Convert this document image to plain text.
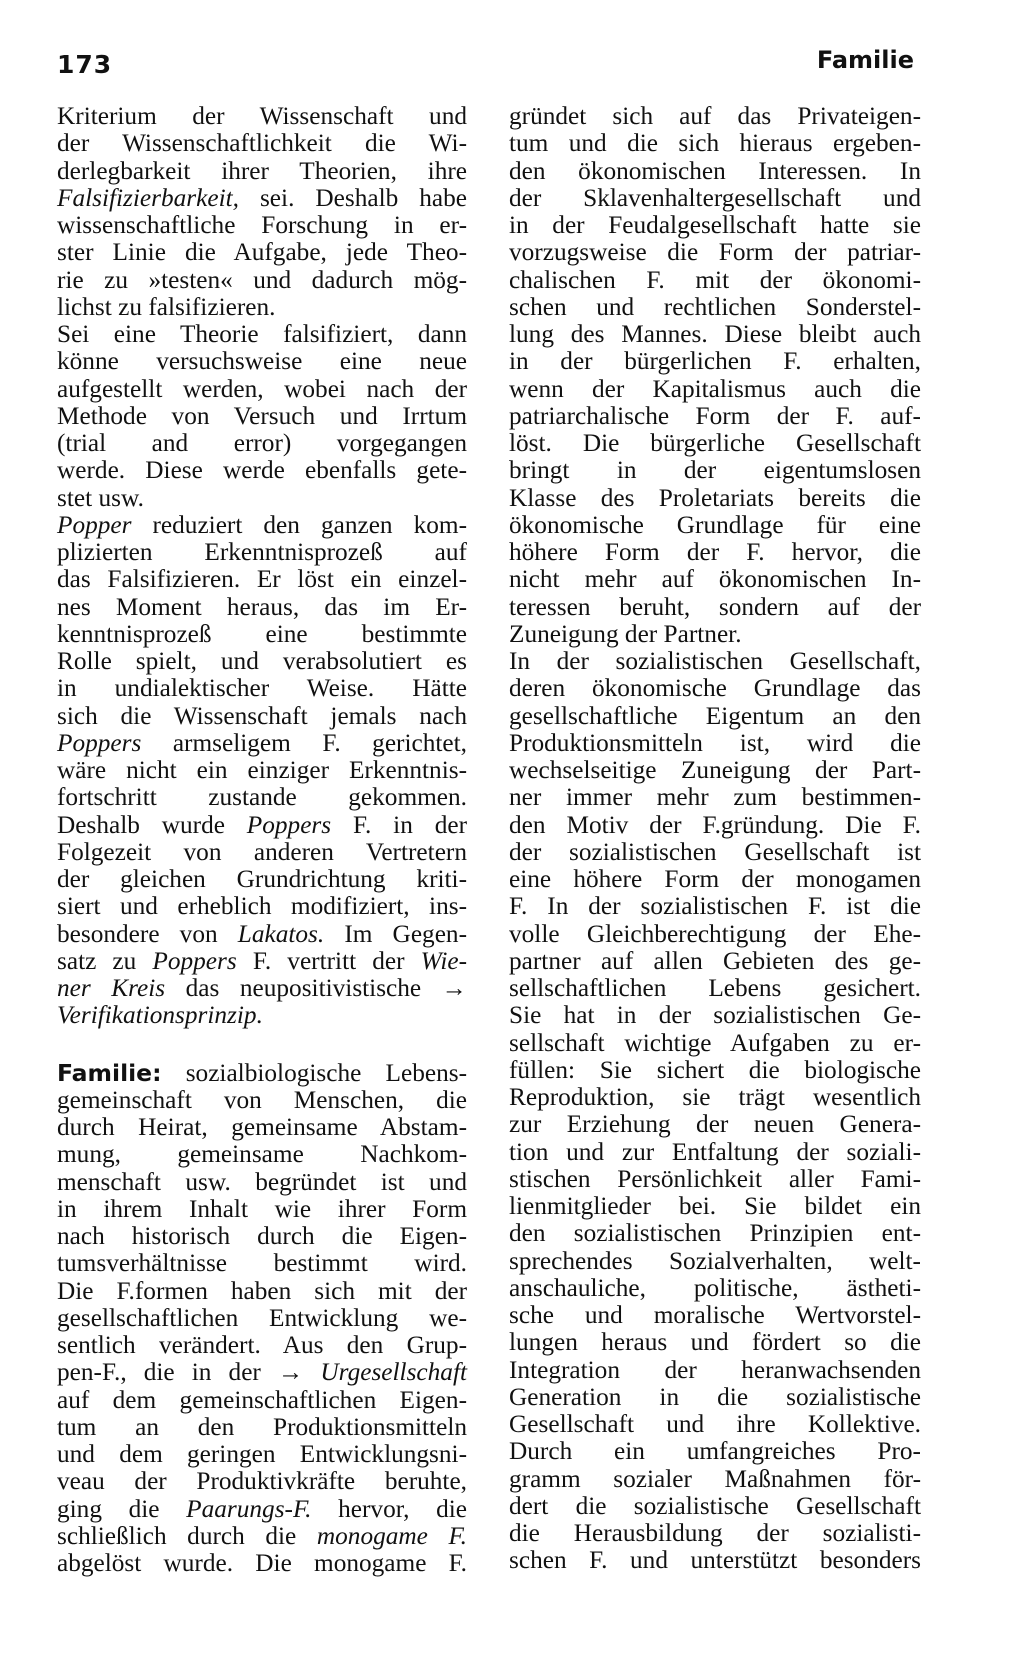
173	Familie
Kriterium der Wissenschaft und
der Wissenschaftlichkeit die Wi-
derlegbarkeit ihrer Theorien, ihre
Falsifizierbarkeit, sei. Deshalb habe
wissenschaftliche Forschung in er-
ster Linie die Aufgabe, jede Theo-
rie zu »testen« und dadurch mög-
lichst zu falsifizieren.
Sei eine Theorie falsifiziert, dann
könne versuchsweise eine neue
aufgestellt werden, wobei nach der
Methode von Versuch und Irrtum
(trial and error) vorgegangen
werde. Diese werde ebenfalls gete-
stet usw.
Popper reduziert den ganzen kom-
plizierten Erkenntnisprozeß auf
das Falsifizieren. Er löst ein einzel-
nes Moment heraus, das im Er-
kenntnisprozeß eine bestimmte
Rolle spielt, und verabsolutiert es
in undialektischer Weise. Hätte
sich die Wissenschaft jemals nach
Poppers armseligem F. gerichtet,
wäre nicht ein einziger Erkenntnis-
fortschritt zustande gekommen.
Deshalb wurde Poppers F. in der
Folgezeit von anderen Vertretern
der gleichen Grundrichtung kriti-
siert und erheblich modifiziert, ins-
besondere von Lakatos. Im Gegen-
satz zu Poppers F. vertritt der Wie-
ner Kreis das neupositivistische →
Verifikationsprinzip.
Familie: sozialbiologische Lebens-
gemeinschaft von Menschen, die
durch Heirat, gemeinsame Abstam-
mung, gemeinsame Nachkom-
menschaft usw. begründet ist und
in ihrem Inhalt wie ihrer Form
nach historisch durch die Eigen-
tumsverhältnisse bestimmt wird.
Die F.formen haben sich mit der
gesellschaftlichen Entwicklung we-
sentlich verändert. Aus den Grup-
pen-F., die in der → Urgesellschaft
auf dem gemeinschaftlichen Eigen-
tum an den Produktionsmitteln
und dem geringen Entwicklungsni-
veau der Produktivkräfte beruhte,
ging die Paarungs-F. hervor, die
schließlich durch die monogame F.
abgelöst wurde. Die monogame F.
gründet sich auf das Privateigen-
tum und die sich hieraus ergeben-
den ökonomischen Interessen. In
der Sklavenhaltergesellschaft und
in der Feudalgesellschaft hatte sie
vorzugsweise die Form der patriar-
chalischen F. mit der ökonomi-
schen und rechtlichen Sonderstel-
lung des Mannes. Diese bleibt auch
in der bürgerlichen F. erhalten,
wenn der Kapitalismus auch die
patriarchalische Form der F. auf-
löst. Die bürgerliche Gesellschaft
bringt in der eigentumslosen
Klasse des Proletariats bereits die
ökonomische Grundlage für eine
höhere Form der F. hervor, die
nicht mehr auf ökonomischen In-
teressen beruht, sondern auf der
Zuneigung der Partner.
In der sozialistischen Gesellschaft,
deren ökonomische Grundlage das
gesellschaftliche Eigentum an den
Produktionsmitteln ist, wird die
wechselseitige Zuneigung der Part-
ner immer mehr zum bestimmen-
den Motiv der F.gründung. Die F.
der sozialistischen Gesellschaft ist
eine höhere Form der monogamen
F. In der sozialistischen F. ist die
volle Gleichberechtigung der Ehe-
partner auf allen Gebieten des ge-
sellschaftlichen Lebens gesichert.
Sie hat in der sozialistischen Ge-
sellschaft wichtige Aufgaben zu er-
füllen: Sie sichert die biologische
Reproduktion, sie trägt wesentlich
zur Erziehung der neuen Genera-
tion und zur Entfaltung der soziali-
stischen Persönlichkeit aller Fami-
lienmitglieder bei. Sie bildet ein
den sozialistischen Prinzipien ent-
sprechendes Sozialverhalten, welt-
anschauliche, politische, ästheti-
sche und moralische Wertvorstel-
lungen heraus und fördert so die
Integration der heranwachsenden
Generation in die sozialistische
Gesellschaft und ihre Kollektive.
Durch ein umfangreiches Pro-
gramm sozialer Maßnahmen för-
dert die sozialistische Gesellschaft
die Herausbildung der sozialisti-
schen F. und unterstützt besonders
